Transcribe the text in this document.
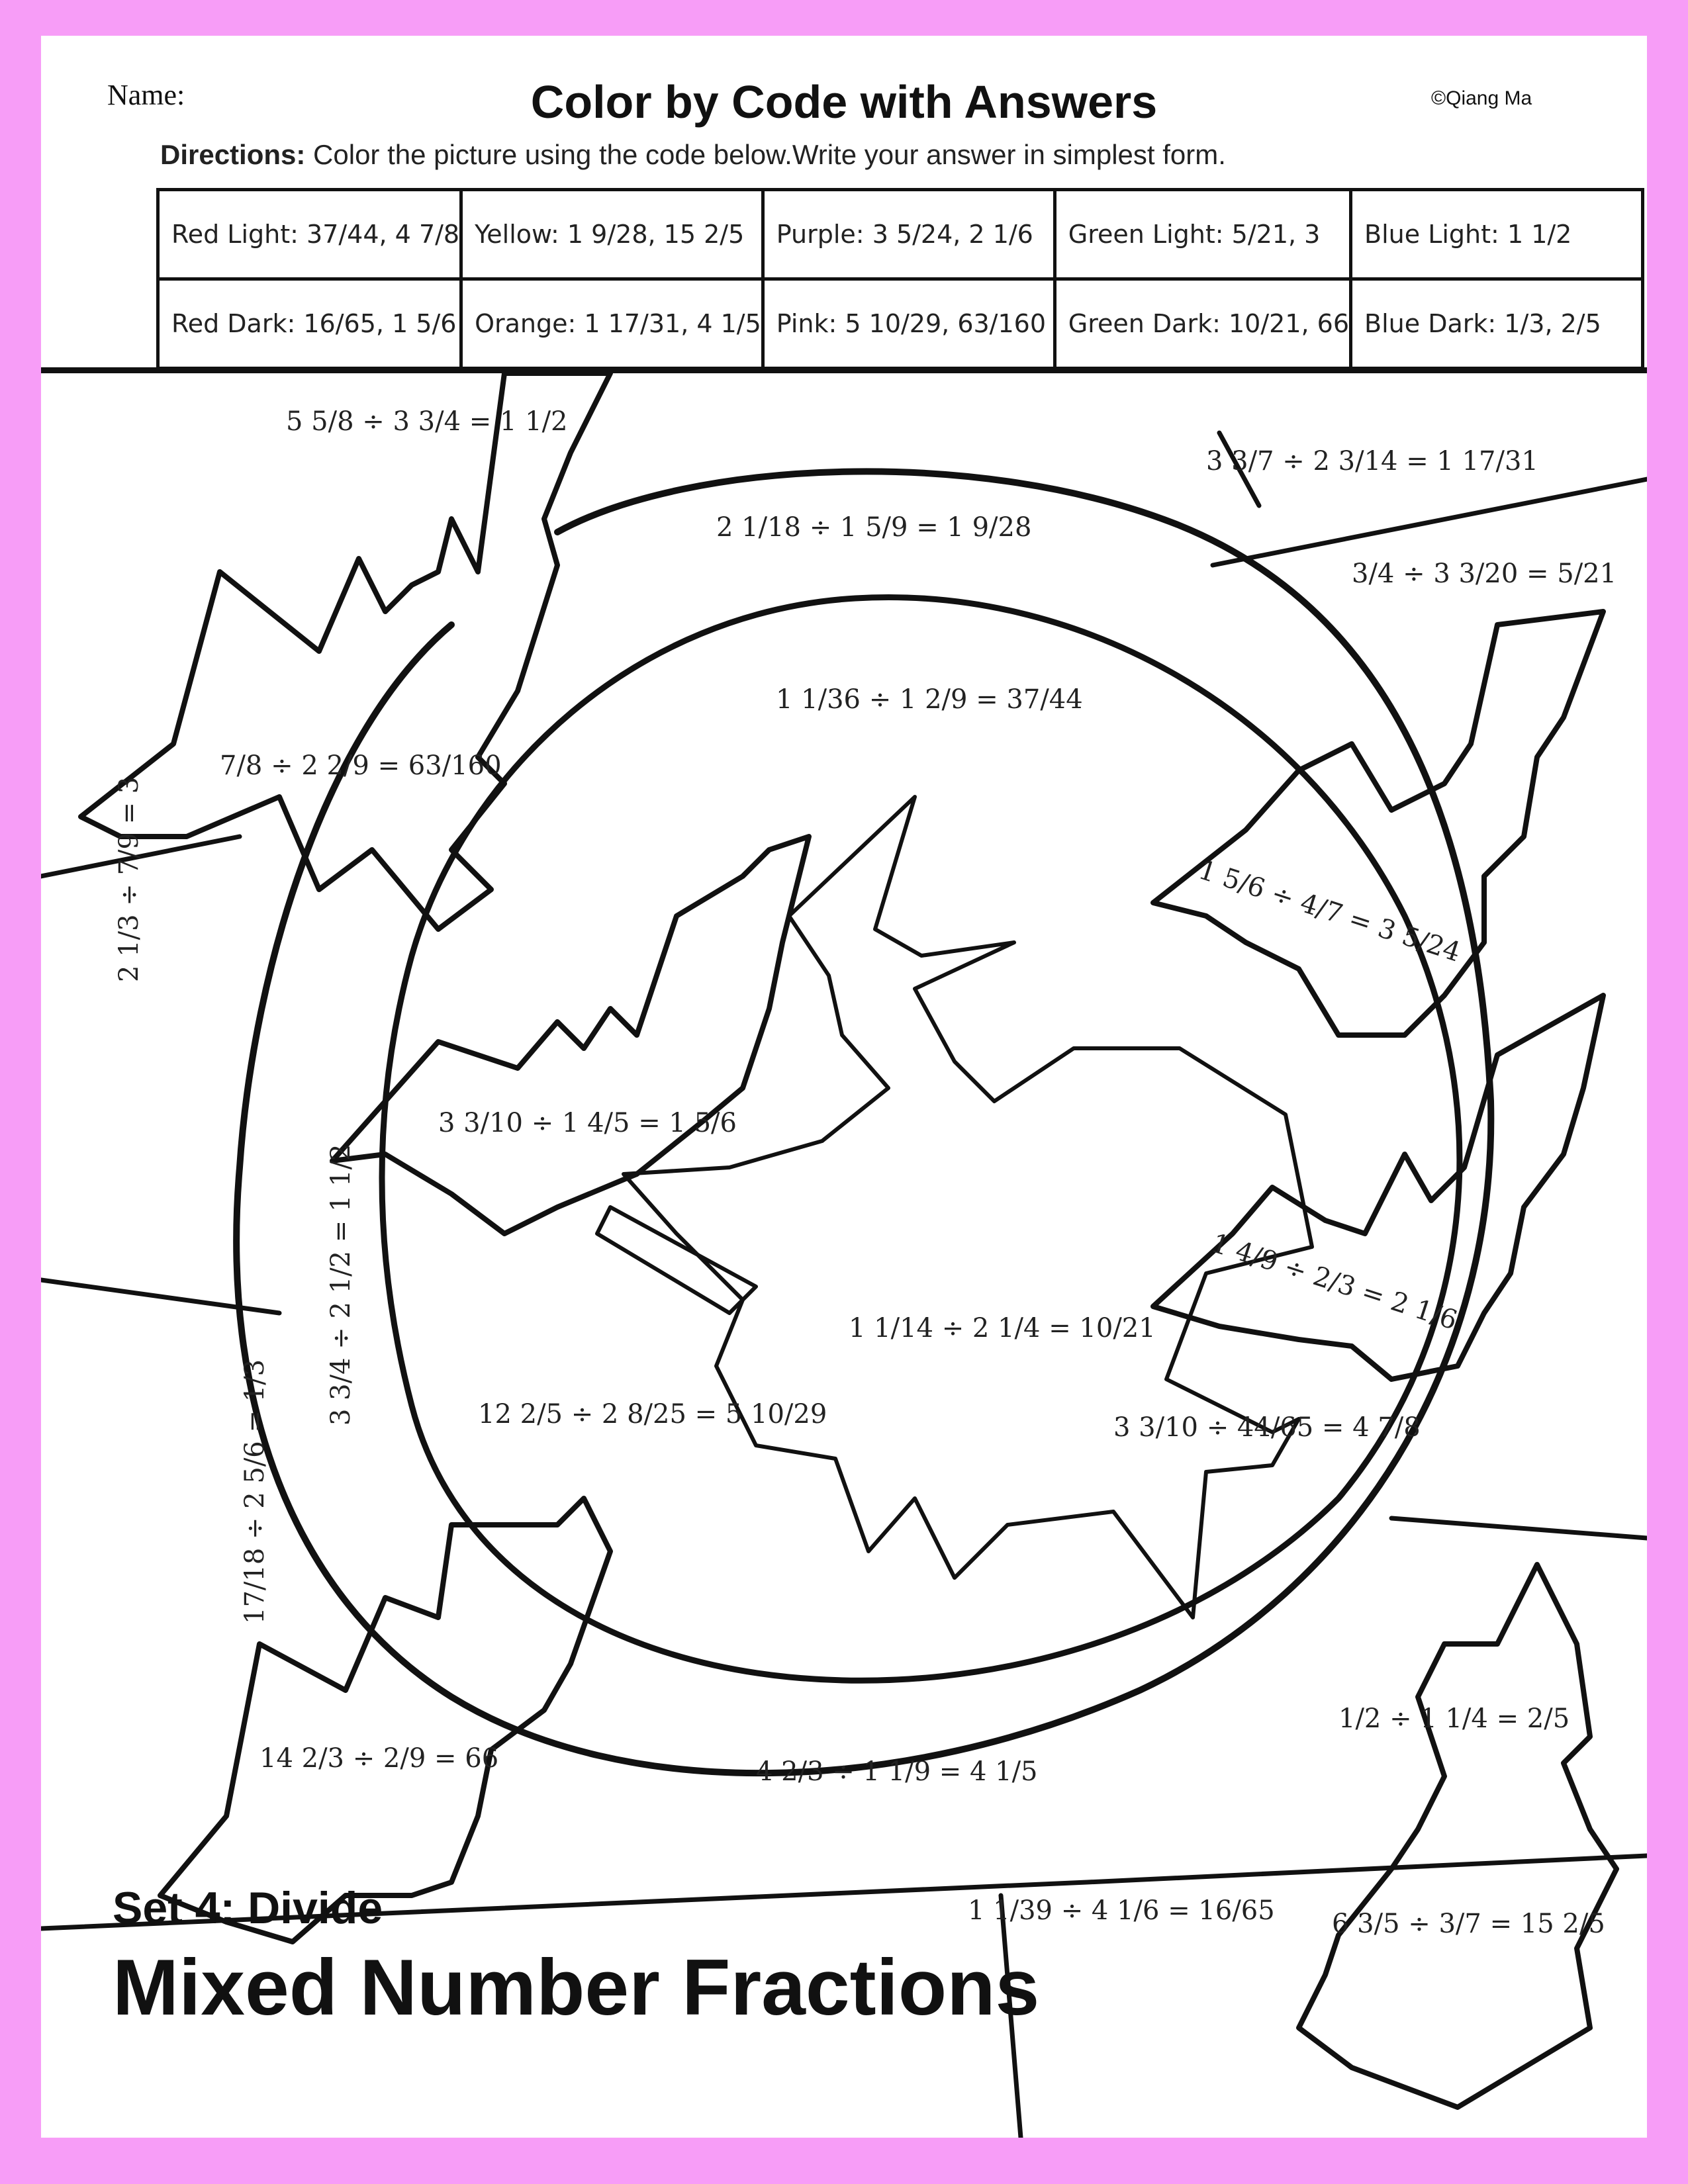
Name:	Color by Code with Answers	©Qiang Ma
Directions: Color the picture using the code below.Write your answer in simplest form.
Red Light: 37/44, 4 7/8	Yellow: 1 9/28, 15 2/5	Purple: 3 5/24, 2 1/6	Green Light: 5/21, 3	Blue Light: 1 1/2
Red Dark: 16/65, 1 5/6	Orange: 1 17/31, 4 1/5	Pink: 5 10/29, 63/160	Green Dark: 10/21, 66	Blue Dark: 1/3, 2/5
5 5/8 ÷ 3 3/4 = 1 1/2
3 3/7 ÷ 2 3/14 = 1 17/31
2 1/18 ÷ 1 5/9 = 1 9/28
3/4 ÷ 3 3/20 = 5/21
1 1/36 ÷ 1 2/9 = 37/44
7/8 ÷ 2 2/9 = 63/160
1 5/6 ÷ 4/7 = 3 5/24
2 1/3 ÷ 7/9 = 3
3 3/10 ÷ 1 4/5 = 1 5/6
1 4/9 ÷ 2/3 = 2 1/6
3 3/4 ÷ 2 1/2 = 1 1/2	1 1/14 ÷ 2 1/4 = 10/21
12 2/5 ÷ 2 8/25 = 5 10/29	3 3/10 ÷ 44/65 = 4 7/8
17/18 ÷ 2 5/6 = 1/3
14 2/3 ÷ 2/9 = 66	4 2/3 ÷ 1 1/9 = 4 1/5
1/2 ÷ 1 1/4 = 2/5
1 1/39 ÷ 4 1/6 = 16/65 6 3/5 ÷ 3/7 = 15 2/5
Set 4: Divide
Mixed Number Fractions
